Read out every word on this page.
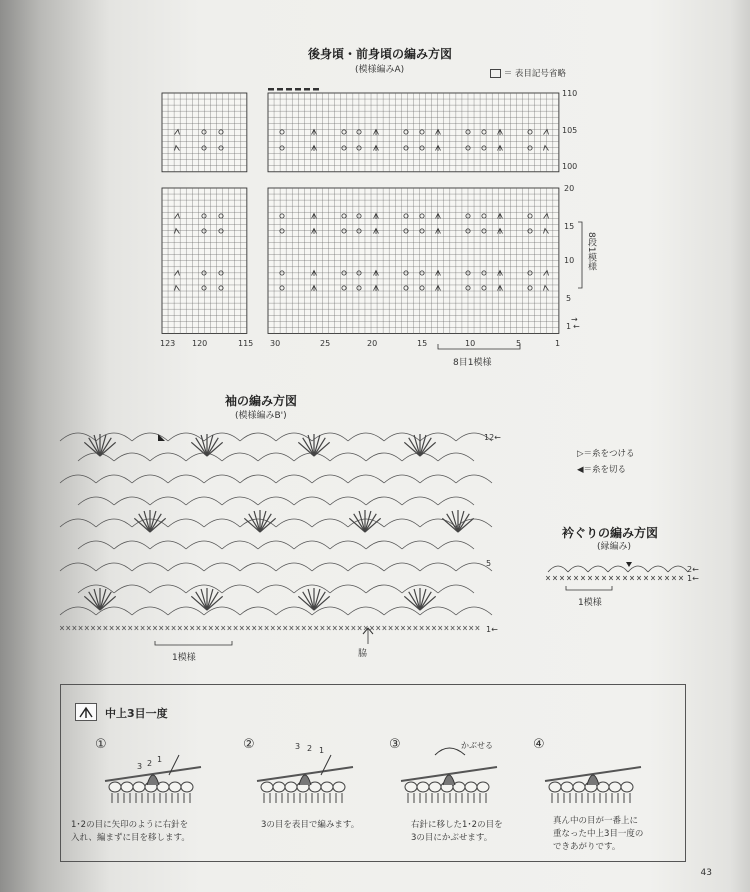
後身頃・前身頃の編み方図
(模様編みA)	＝ 表目記号省略
110
105
100
20
15
10
5
1
→
←
8段1模様
123 120	115 30	25	20	15	10	5	1
8目1模様
袖の編み方図
(模様編みB')
12←
5
1←
1模様	脇
▷＝糸をつける
◀＝糸を切る
衿ぐりの編み方図
(縁編み)
2←
1←
1模様
中上3目一度
①	②	③	④
3 2 1
3 2 1
かぶせる
1･2の目に矢印のように右針を
入れ、編まずに目を移します。
3の目を表目で編みます。	右針に移した1･2の目を
3の目にかぶせます。
真ん中の目が一番上に
重なった中上3目一度の
できあがりです。
43
